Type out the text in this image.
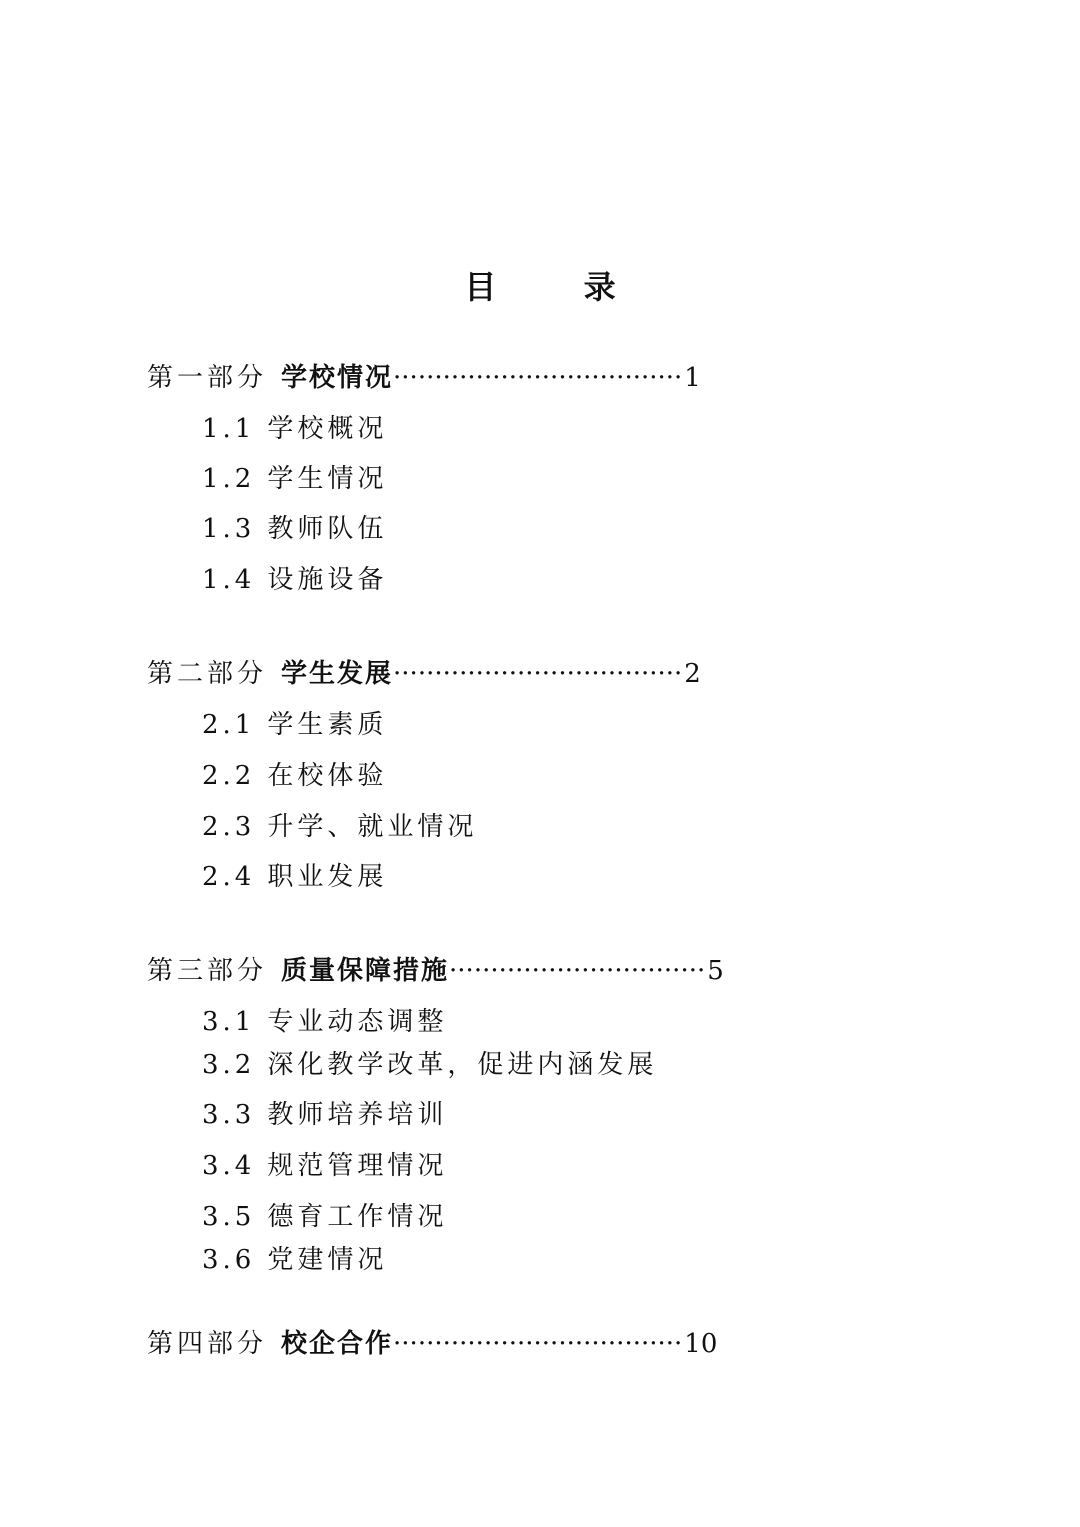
目 录
第一部分 学校情况 ··································· 1
1.1 学校概况
1.2 学生情况
1.3 教师队伍
1.4 设施设备
第二部分 学生发展 ··································· 2
2.1 学生素质
2.2 在校体验
2.3 升学、就业情况
2.4 职业发展
第三部分 质量保障措施 ······························· 5
3.1 专业动态调整
3.2 深化教学改革，促进内涵发展
3.3 教师培养培训
3.4 规范管理情况
3.5 德育工作情况
3.6 党建情况
第四部分 校企合作 ··································· 10
